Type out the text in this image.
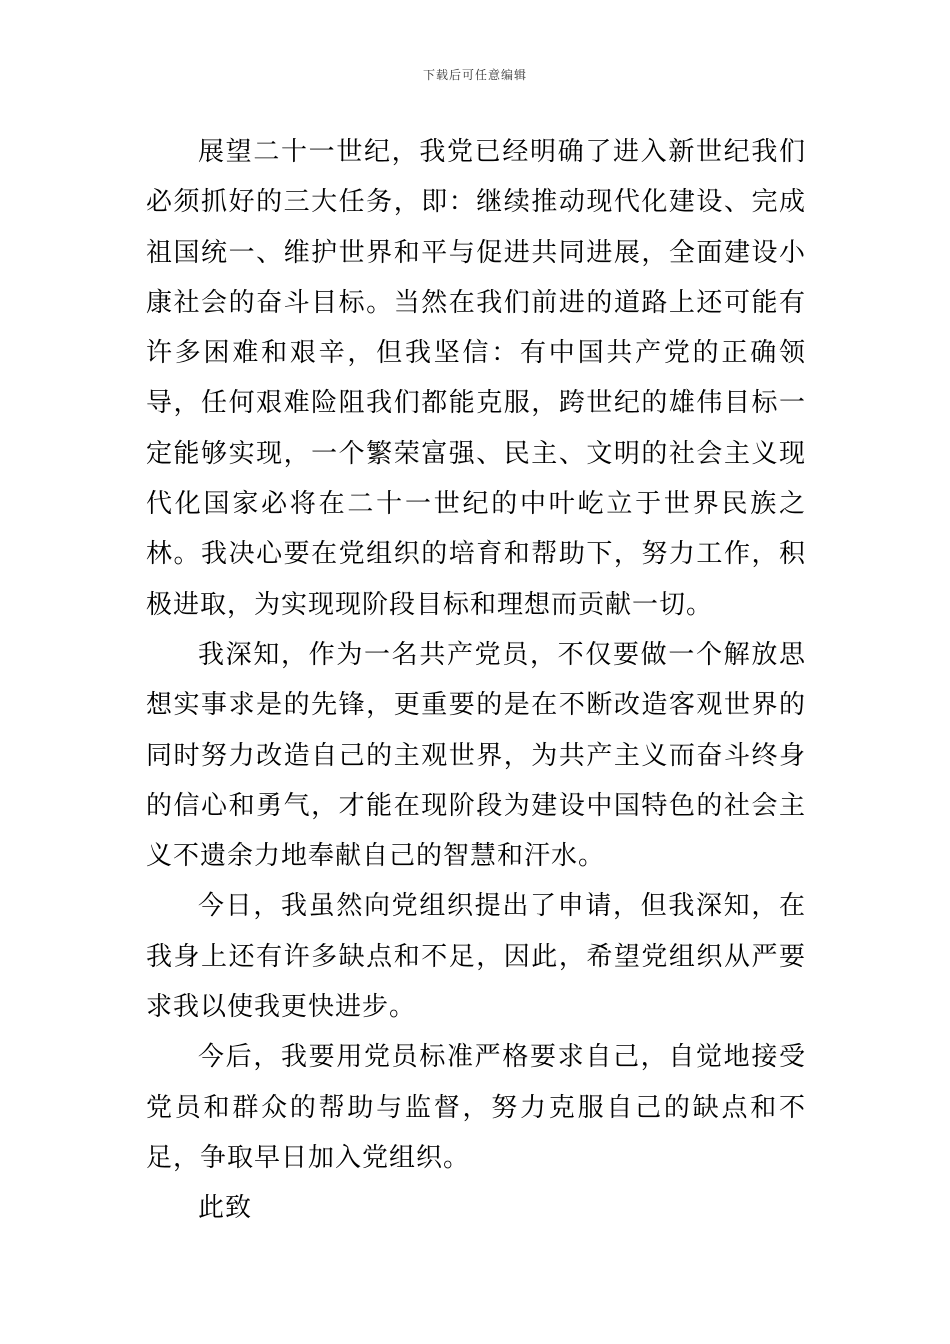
下载后可任意编辑

展望二十一世纪，我党已经明确了进入新世纪我们必须抓好的三大任务，即：继续推动现代化建设、完成祖国统一、维护世界和平与促进共同进展，全面建设小康社会的奋斗目标。当然在我们前进的道路上还可能有许多困难和艰辛，但我坚信：有中国共产党的正确领导，任何艰难险阻我们都能克服，跨世纪的雄伟目标一定能够实现，一个繁荣富强、民主、文明的社会主义现代化国家必将在二十一世纪的中叶屹立于世界民族之林。我决心要在党组织的培育和帮助下，努力工作，积极进取，为实现现阶段目标和理想而贡献一切。

我深知，作为一名共产党员，不仅要做一个解放思想实事求是的先锋，更重要的是在不断改造客观世界的同时努力改造自己的主观世界，为共产主义而奋斗终身的信心和勇气，才能在现阶段为建设中国特色的社会主义不遗余力地奉献自己的智慧和汗水。

今日，我虽然向党组织提出了申请，但我深知，在我身上还有许多缺点和不足，因此，希望党组织从严要求我以使我更快进步。

今后，我要用党员标准严格要求自己，自觉地接受党员和群众的帮助与监督，努力克服自己的缺点和不足，争取早日加入党组织。

此致
